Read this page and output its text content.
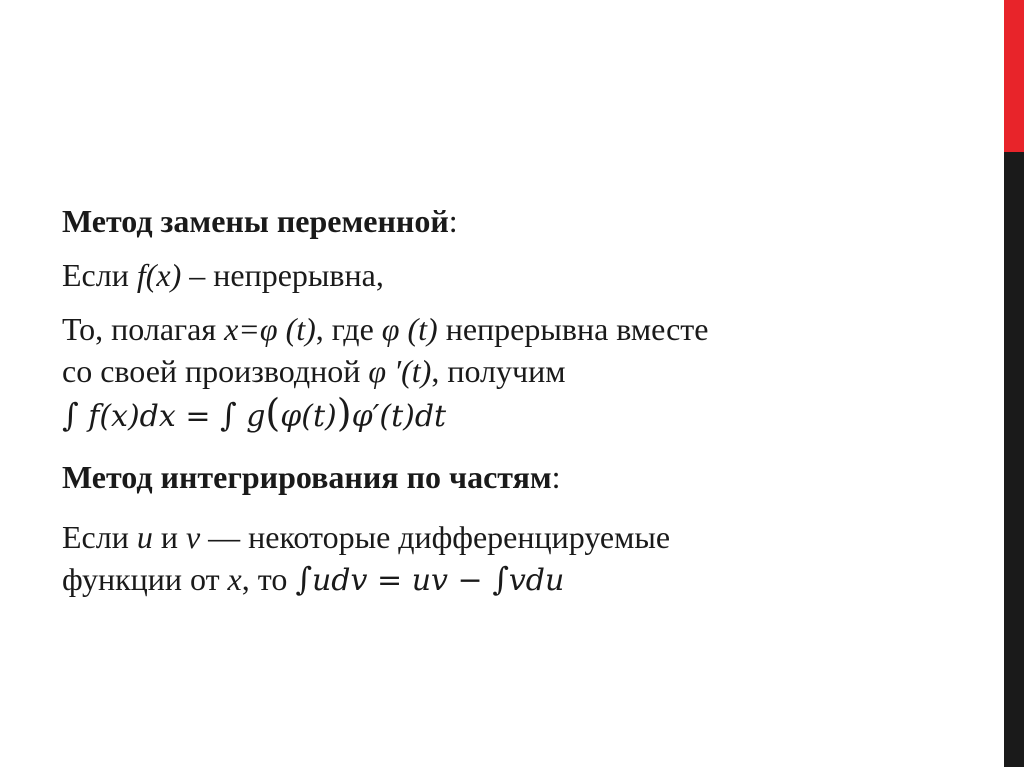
Метод замены переменной:

Если f(x) – непрерывна,

То, полагая x=φ (t), где φ (t) непрерывна вместе

со своей производной φ ′(t), получим

∫ f(x)dx = ∫ g(φ(t))φ′(t)dt

Метод интегрирования по частям:

Если u и v — некоторые дифференцируемые

функции от x, то ∫udv = uv − ∫vdu
